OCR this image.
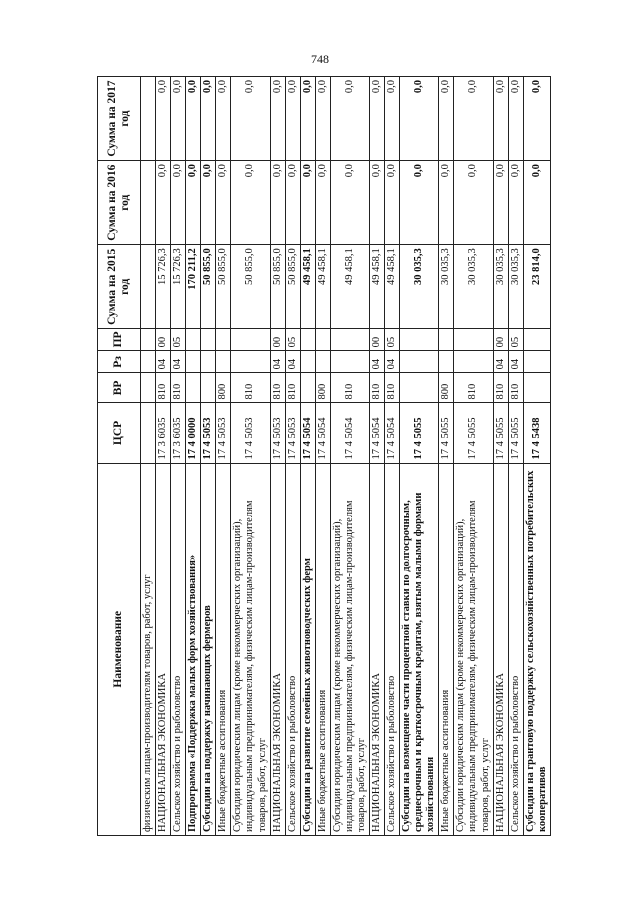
748
Наименование	ЦСР	ВР	Рз	ПР	Сумма на 2015 год	Сумма на 2016 год	Сумма на 2017 год
физическим лицам-производителям товаров, работ, услуг							
НАЦИОНАЛЬНАЯ ЭКОНОМИКА	17 3 6035	810	04	00	15 726,3	0,0	0,0
Сельское хозяйство и рыболовство	17 3 6035	810	04	05	15 726,3	0,0	0,0
Подпрограмма «Поддержка малых форм хозяйствования»	17 4 0000				170 211,2	0,0	0,0
Субсидии на поддержку начинающих фермеров	17 4 5053				50 855,0	0,0	0,0
Иные бюджетные ассигнования	17 4 5053	800			50 855,0	0,0	0,0
Субсидии юридическим лицам (кроме некоммерческих организаций), индивидуальным предпринимателям, физическим лицам-производителям товаров, работ, услуг	17 4 5053	810			50 855,0	0,0	0,0
НАЦИОНАЛЬНАЯ ЭКОНОМИКА	17 4 5053	810	04	00	50 855,0	0,0	0,0
Сельское хозяйство и рыболовство	17 4 5053	810	04	05	50 855,0	0,0	0,0
Субсидии на развитие семейных животноводческих ферм	17 4 5054				49 458,1	0,0	0,0
Иные бюджетные ассигнования	17 4 5054	800			49 458,1	0,0	0,0
Субсидии юридическим лицам (кроме некоммерческих организаций), индивидуальным предпринимателям, физическим лицам-производителям товаров, работ, услуг	17 4 5054	810			49 458,1	0,0	0,0
НАЦИОНАЛЬНАЯ ЭКОНОМИКА	17 4 5054	810	04	00	49 458,1	0,0	0,0
Сельское хозяйство и рыболовство	17 4 5054	810	04	05	49 458,1	0,0	0,0
Субсидии на возмещение части процентной ставки по долгосрочным, среднесрочным и краткосрочным кредитам, взятым малыми формами хозяйствования	17 4 5055				30 035,3	0,0	0,0
Иные бюджетные ассигнования	17 4 5055	800			30 035,3	0,0	0,0
Субсидии юридическим лицам (кроме некоммерческих организаций), индивидуальным предпринимателям, физическим лицам-производителям товаров, работ, услуг	17 4 5055	810			30 035,3	0,0	0,0
НАЦИОНАЛЬНАЯ ЭКОНОМИКА	17 4 5055	810	04	00	30 035,3	0,0	0,0
Сельское хозяйство и рыболовство	17 4 5055	810	04	05	30 035,3	0,0	0,0
Субсидии на грантовую поддержку сельскохозяйственных потребительских кооперативов	17 4 5438				23 814,0	0,0	0,0
